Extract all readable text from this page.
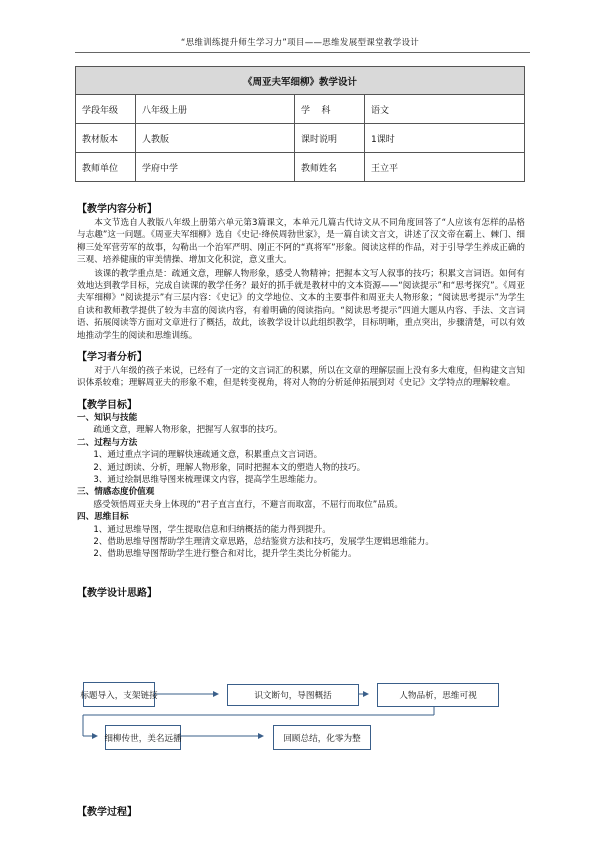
“思维训练提升师生学习力”项目——思维发展型课堂教学设计
《周亚夫军细柳》教学设计			
学段年级	八年级上册	学    科	语文
教材版本	人教版	课时说明	1课时
教师单位	学府中学	教师姓名	王立平

【教学内容分析】

本文节选自人教版八年级上册第六单元第3篇课文，本单元几篇古代诗文从不同角度回答了“人应该有怎样的品格与志趣”这一问题。《周亚夫军细柳》选自《史记·绛侯周勃世家》，是一篇自读文言文，讲述了汉文帝在霸上、棘门、细柳三处军营劳军的故事，勾勒出一个治军严明、刚正不阿的“真将军”形象。阅读这样的作品，对于引导学生养成正确的三观、培养健康的审美情操、增加文化积淀，意义重大。

该课的教学重点是：疏通文意，理解人物形象，感受人物精神；把握本文写人叙事的技巧；积累文言词语。如何有效地达到教学目标，完成自读课的教学任务？最好的抓手就是教材中的文本资源——“阅读提示”和“思考探究”。《周亚夫军细柳》“阅读提示”有三层内容：《史记》的文学地位、文本的主要事件和周亚夫人物形象；“阅读思考提示”为学生自读和教师教学提供了较为丰富的阅读内容，有着明确的阅读指向。“阅读思考提示”四道大题从内容、手法、文言词语、拓展阅读等方面对文章进行了概括，故此，该教学设计以此组织教学，目标明晰，重点突出，步骤清楚，可以有效地推动学生的阅读和思维训练。

【学习者分析】

对于八年级的孩子来说，已经有了一定的文言词汇的积累，所以在文章的理解层面上没有多大难度，但构建文言知识体系较难；理解周亚夫的形象不难，但是转变视角，将对人物的分析延伸拓展到对《史记》文学特点的理解较难。

【教学目标】

一、知识与技能

疏通文意，理解人物形象，把握写人叙事的技巧。

二、过程与方法

1、通过重点字词的理解快速疏通文意，积累重点文言词语。

2、通过朗读、分析，理解人物形象，同时把握本文的塑造人物的技巧。

3、通过绘制思维导图来梳理课文内容，提高学生思维能力。

三、情感态度价值观

感受领悟周亚夫身上体现的“君子直言直行，不避言而取富，不屈行而取位”品质。

四、思维目标

1、通过思维导图，学生提取信息和归纳概括的能力得到提升。

2、借助思维导图帮助学生理清文章思路，总结鉴赏方法和技巧，发展学生逻辑思维能力。

2、借助思维导图帮助学生进行整合和对比，提升学生类比分析能力。

【教学设计思路】

标题导入，支架链接	识文断句，导图概括	人物品析，思维可视
细柳传世，美名远播	回顾总结，化零为整

【教学过程】
